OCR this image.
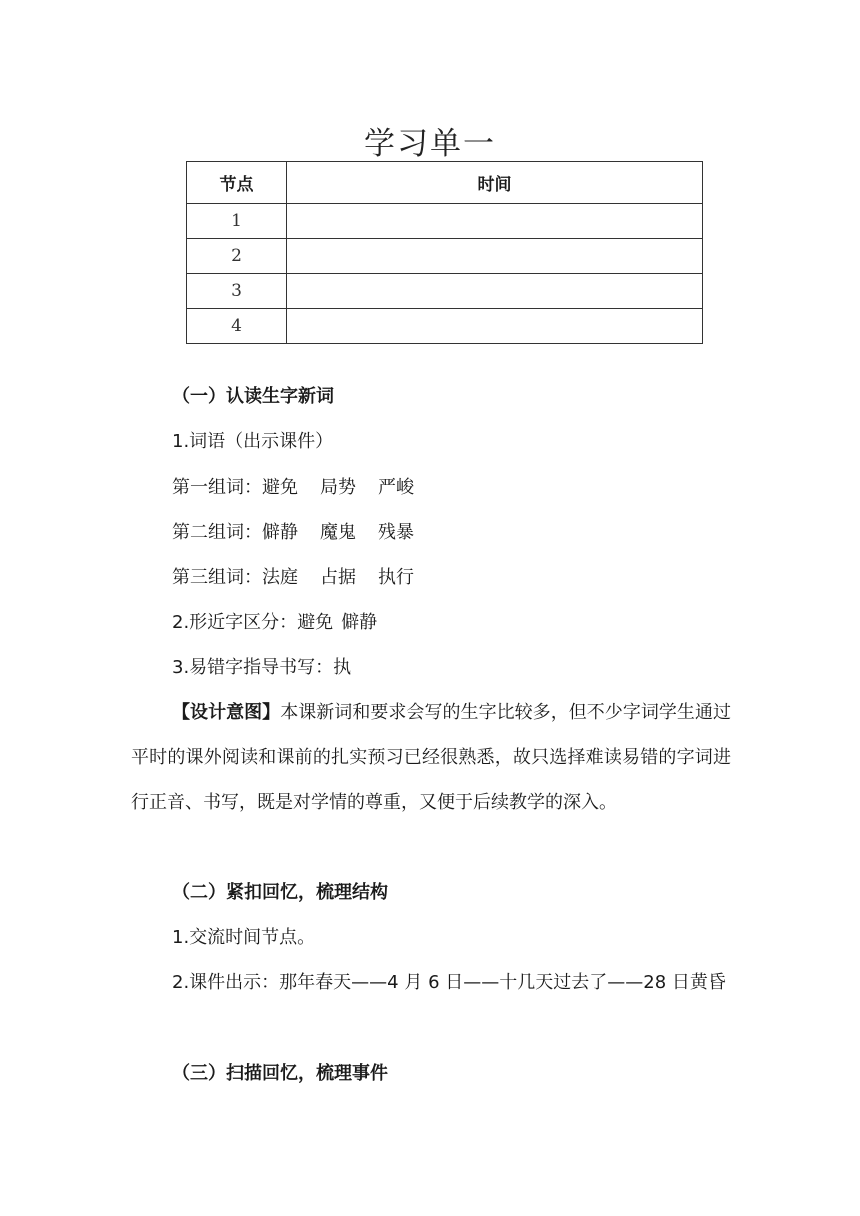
学习单一
节点	时间
1	
2	
3	
4	
（一）认读生字新词
1.词语（出示课件）
第一组词：避免 局势 严峻
第二组词：僻静 魔鬼 残暴
第三组词：法庭 占据 执行
2.形近字区分：避免 僻静
3.易错字指导书写：执
【设计意图】本课新词和要求会写的生字比较多，但不少字词学生通过平时的课外阅读和课前的扎实预习已经很熟悉，故只选择难读易错的字词进行正音、书写，既是对学情的尊重，又便于后续教学的深入。
（二）紧扣回忆，梳理结构
1.交流时间节点。
2.课件出示：那年春天——4 月 6 日——十几天过去了——28 日黄昏
（三）扫描回忆，梳理事件
